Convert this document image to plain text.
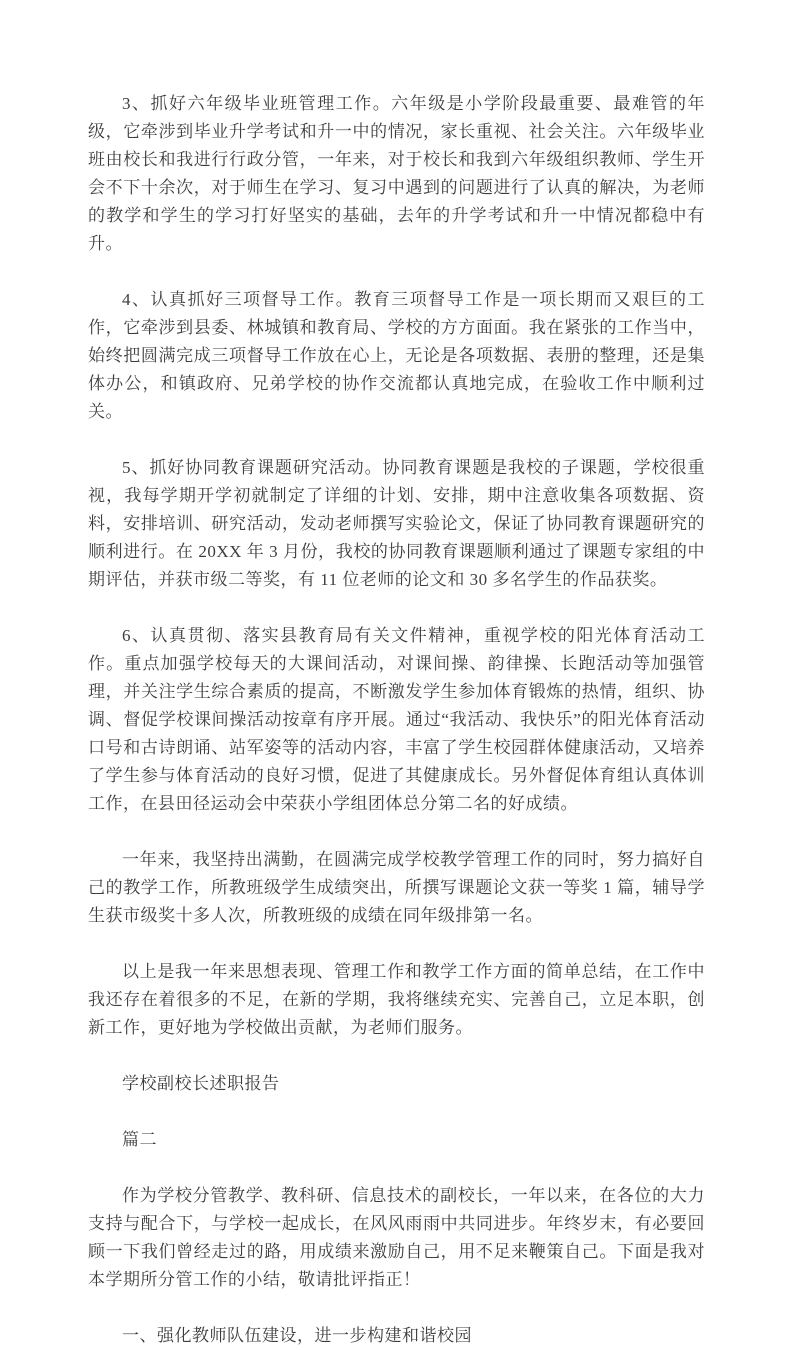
3、抓好六年级毕业班管理工作。六年级是小学阶段最重要、最难管的年级，它牵涉到毕业升学考试和升一中的情况，家长重视、社会关注。六年级毕业班由校长和我进行行政分管，一年来，对于校长和我到六年级组织教师、学生开会不下十余次，对于师生在学习、复习中遇到的问题进行了认真的解决，为老师的教学和学生的学习打好坚实的基础，去年的升学考试和升一中情况都稳中有升。

4、认真抓好三项督导工作。教育三项督导工作是一项长期而又艰巨的工作，它牵涉到县委、林城镇和教育局、学校的方方面面。我在紧张的工作当中，始终把圆满完成三项督导工作放在心上，无论是各项数据、表册的整理，还是集体办公，和镇政府、兄弟学校的协作交流都认真地完成，在验收工作中顺利过关。

5、抓好协同教育课题研究活动。协同教育课题是我校的子课题，学校很重视，我每学期开学初就制定了详细的计划、安排，期中注意收集各项数据、资料，安排培训、研究活动，发动老师撰写实验论文，保证了协同教育课题研究的顺利进行。在 20XX 年 3 月份，我校的协同教育课题顺利通过了课题专家组的中期评估，并获市级二等奖，有 11 位老师的论文和 30 多名学生的作品获奖。

6、认真贯彻、落实县教育局有关文件精神，重视学校的阳光体育活动工作。重点加强学校每天的大课间活动，对课间操、韵律操、长跑活动等加强管理，并关注学生综合素质的提高，不断激发学生参加体育锻炼的热情，组织、协调、督促学校课间操活动按章有序开展。通过“我活动、我快乐”的阳光体育活动口号和古诗朗诵、站军姿等的活动内容，丰富了学生校园群体健康活动，又培养了学生参与体育活动的良好习惯，促进了其健康成长。另外督促体育组认真体训工作，在县田径运动会中荣获小学组团体总分第二名的好成绩。

一年来，我坚持出满勤，在圆满完成学校教学管理工作的同时，努力搞好自己的教学工作，所教班级学生成绩突出，所撰写课题论文获一等奖 1 篇，辅导学生获市级奖十多人次，所教班级的成绩在同年级排第一名。

以上是我一年来思想表现、管理工作和教学工作方面的简单总结，在工作中我还存在着很多的不足，在新的学期，我将继续充实、完善自己，立足本职，创新工作，更好地为学校做出贡献，为老师们服务。

学校副校长述职报告

篇二

作为学校分管教学、教科研、信息技术的副校长，一年以来，在各位的大力支持与配合下，与学校一起成长，在风风雨雨中共同进步。年终岁末，有必要回顾一下我们曾经走过的路，用成绩来激励自己，用不足来鞭策自己。下面是我对本学期所分管工作的小结，敬请批评指正！

一、强化教师队伍建设，进一步构建和谐校园
